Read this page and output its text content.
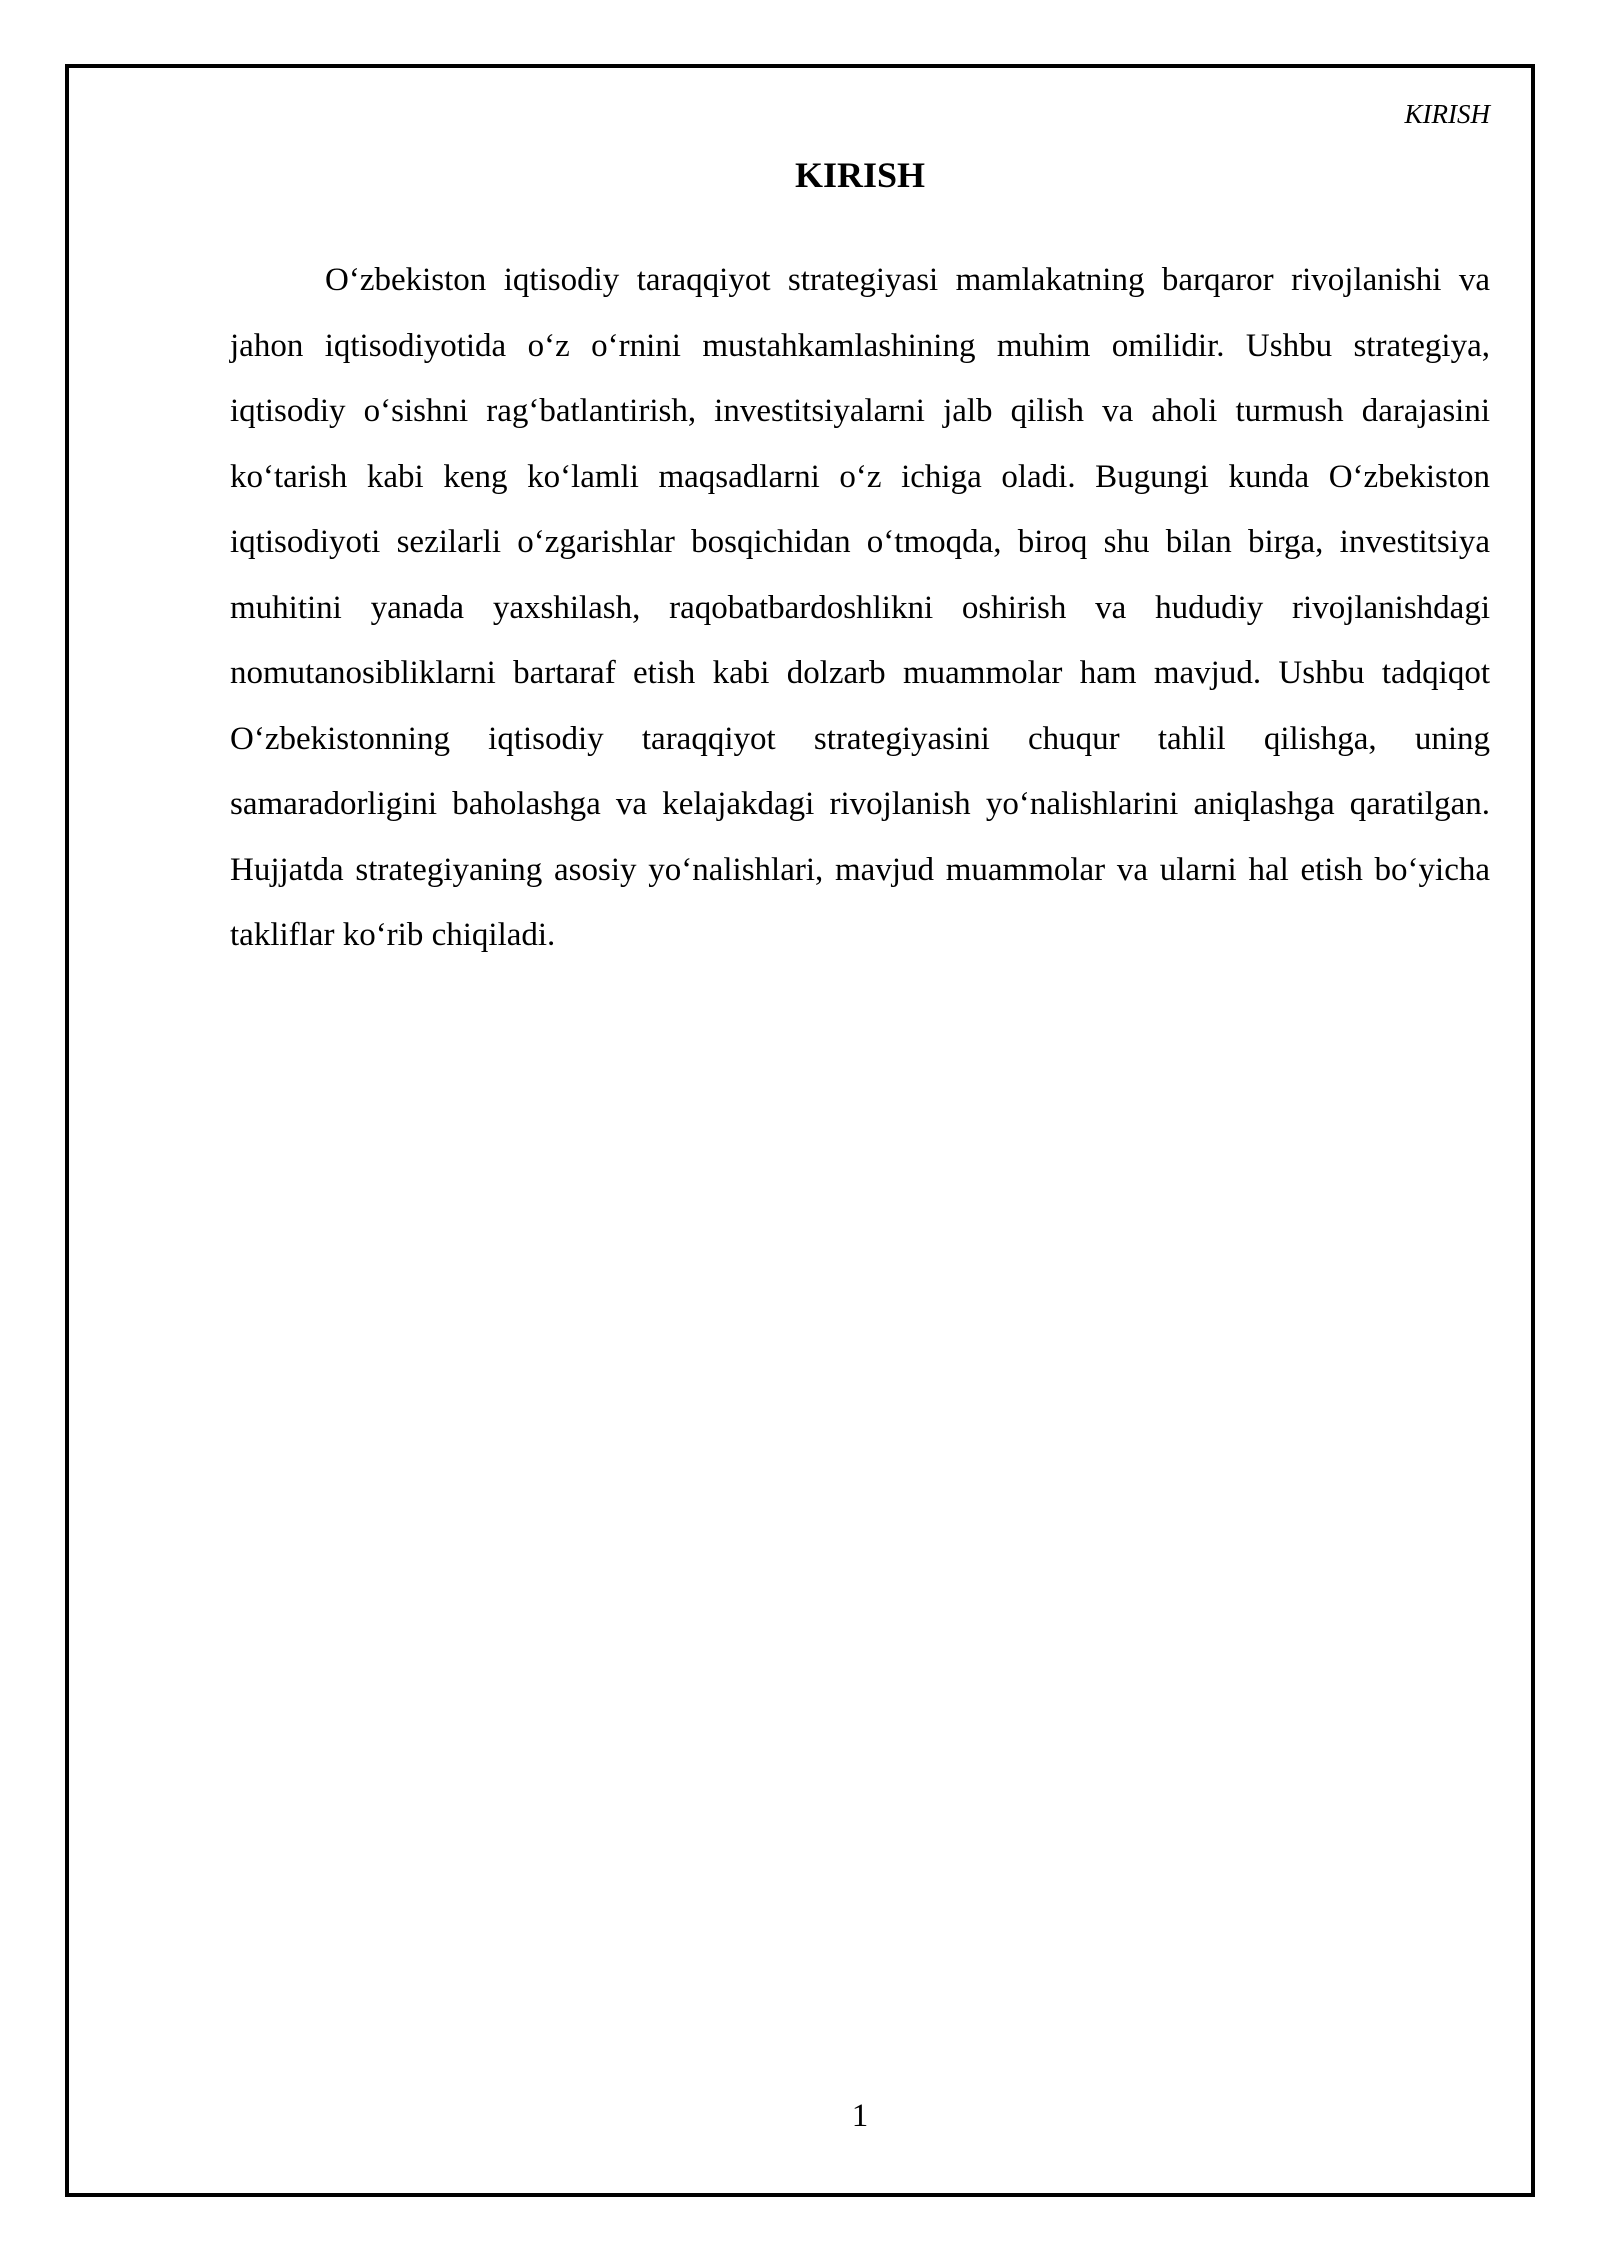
KIRISH
KIRISH

O‘zbekiston iqtisodiy taraqqiyot strategiyasi mamlakatning barqaror rivojlanishi va jahon iqtisodiyotida o‘z o‘rnini mustahkamlashining muhim omilidir. Ushbu strategiya, iqtisodiy o‘sishni rag‘batlantirish, investitsiyalarni jalb qilish va aholi turmush darajasini ko‘tarish kabi keng ko‘lamli maqsadlarni o‘z ichiga oladi. Bugungi kunda O‘zbekiston iqtisodiyoti sezilarli o‘zgarishlar bosqichidan o‘tmoqda, biroq shu bilan birga, investitsiya muhitini yanada yaxshilash, raqobatbardoshlikni oshirish va hududiy rivojlanishdagi nomutanosibliklarni bartaraf etish kabi dolzarb muammolar ham mavjud. Ushbu tadqiqot O‘zbekistonning iqtisodiy taraqqiyot strategiyasini chuqur tahlil qilishga, uning samaradorligini baholashga va kelajakdagi rivojlanish yo‘nalishlarini aniqlashga qaratilgan. Hujjatda strategiyaning asosiy yo‘nalishlari, mavjud muammolar va ularni hal etish bo‘yicha takliflar ko‘rib chiqiladi.

1
